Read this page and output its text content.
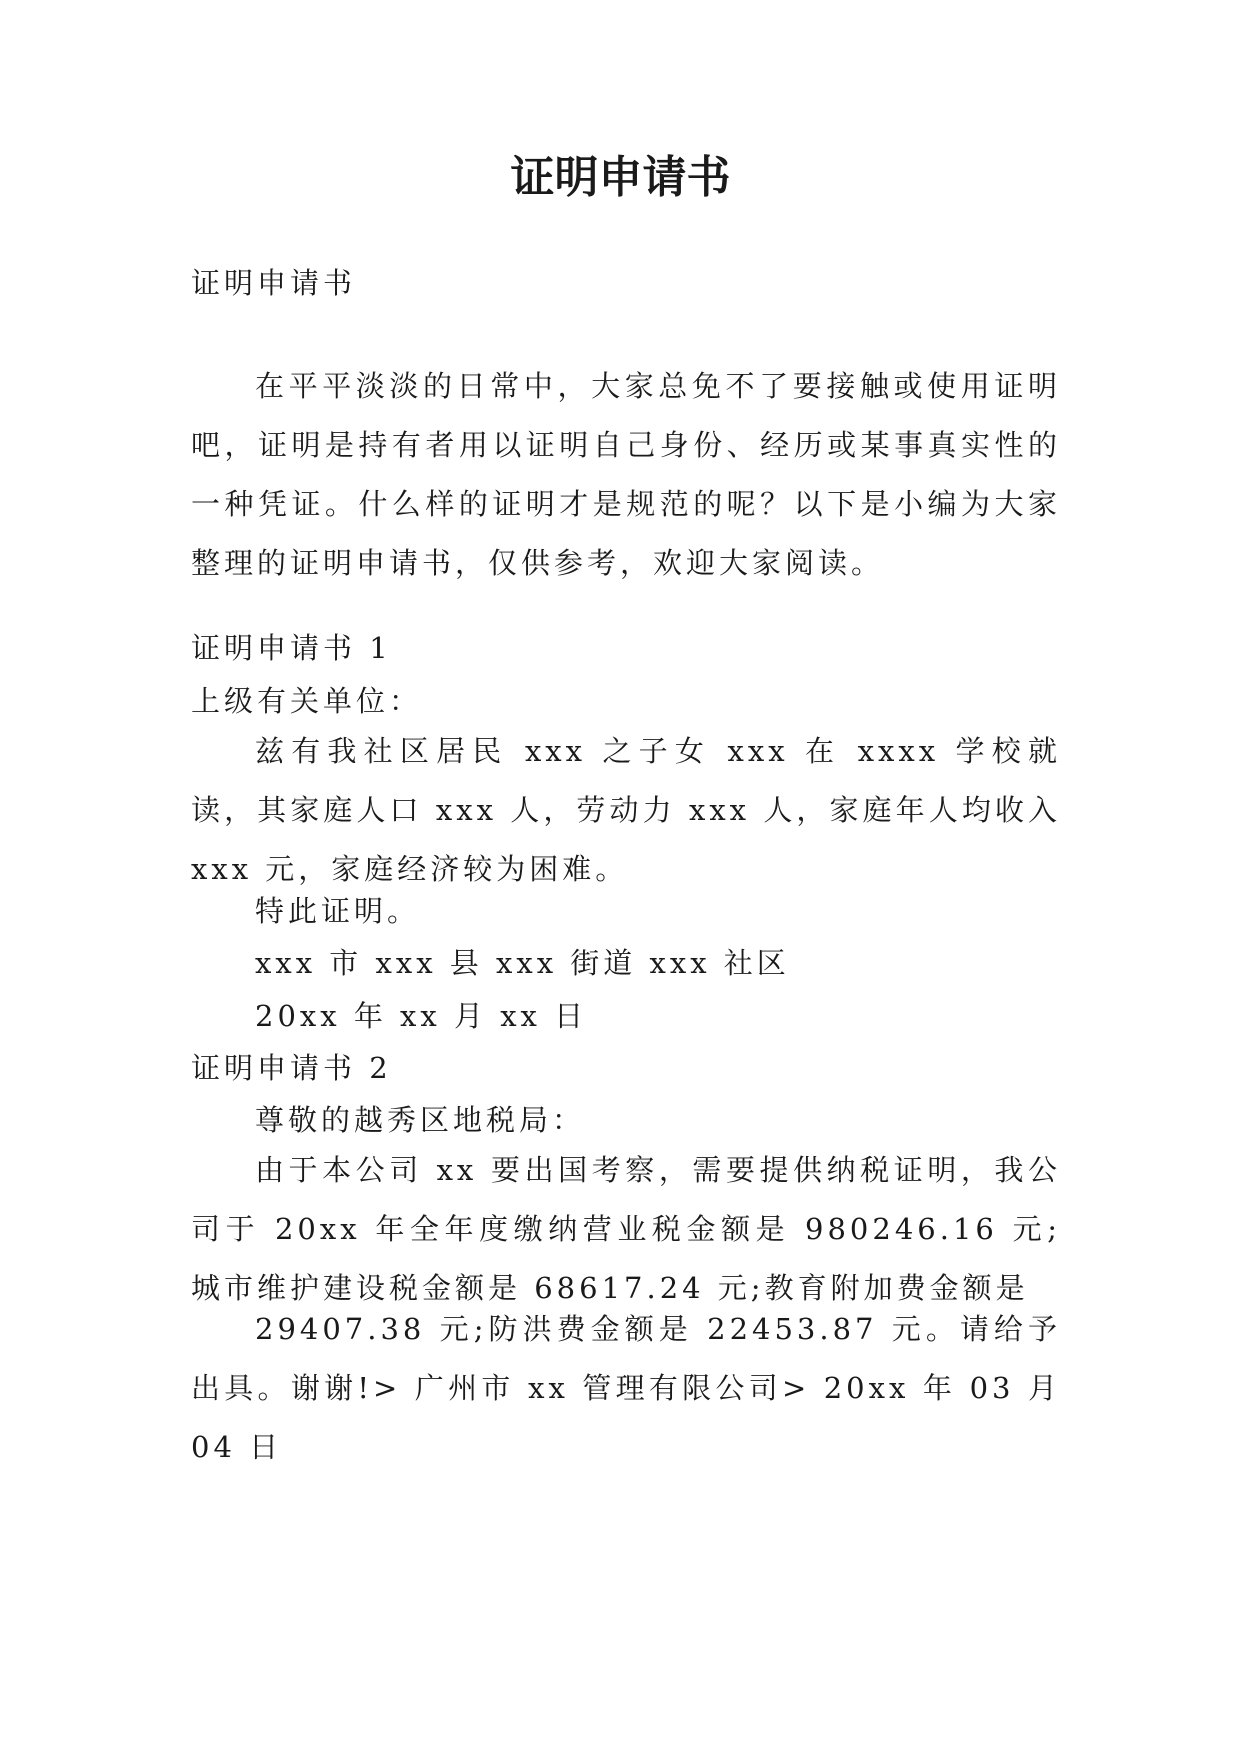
证明申请书
证明申请书

在平平淡淡的日常中，大家总免不了要接触或使用证明吧，证明是持有者用以证明自己身份、经历或某事真实性的一种凭证。什么样的证明才是规范的呢？以下是小编为大家整理的证明申请书，仅供参考，欢迎大家阅读。

证明申请书 1
上级有关单位：

兹有我社区居民 xxx 之子女 xxx 在 xxxx 学校就读，其家庭人口 xxx 人，劳动力 xxx 人，家庭年人均收入 xxx 元，家庭经济较为困难。

特此证明。
xxx 市 xxx 县 xxx 街道 xxx 社区
20xx 年 xx 月 xx 日
证明申请书 2
尊敬的越秀区地税局：

由于本公司 xx 要出国考察，需要提供纳税证明，我公司于 20xx 年全年度缴纳营业税金额是 980246.16 元;城市维护建设税金额是 68617.24 元;教育附加费金额是

29407.38 元;防洪费金额是 22453.87 元。请给予出具。谢谢!> 广州市 xx 管理有限公司> 20xx 年 03 月 04 日
